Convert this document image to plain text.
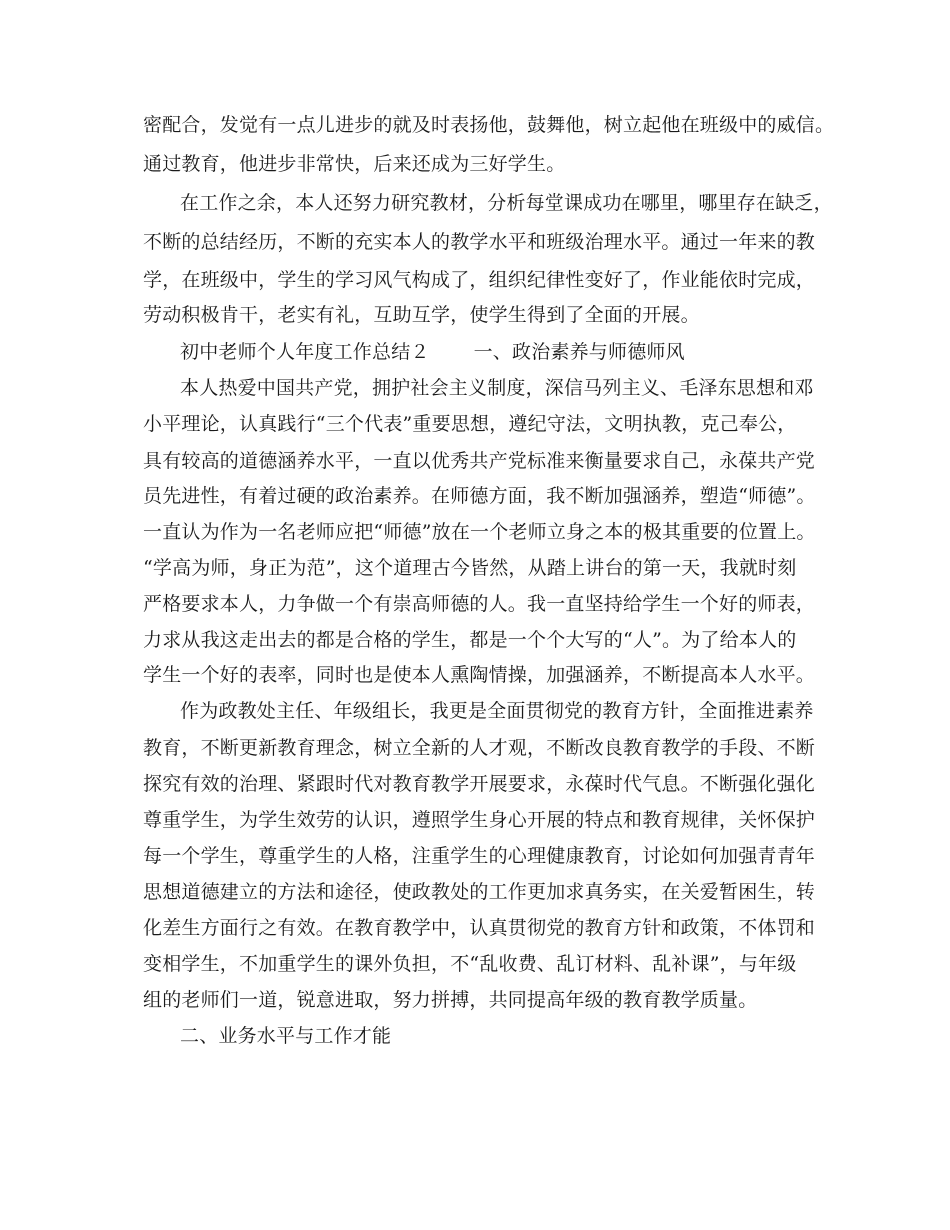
密配合，发觉有一点儿进步的就及时表扬他，鼓舞他，树立起他在班级中的威信。

通过教育，他进步非常快，后来还成为三好学生。

在工作之余，本人还努力研究教材，分析每堂课成功在哪里，哪里存在缺乏，

不断的总结经历，不断的充实本人的教学水平和班级治理水平。通过一年来的教

学，在班级中，学生的学习风气构成了，组织纪律性变好了，作业能依时完成，

劳动积极肯干，老实有礼，互助互学，使学生得到了全面的开展。

初中老师个人年度工作总结２ 一、政治素养与师德师风

本人热爱中国共产党，拥护社会主义制度，深信马列主义、毛泽东思想和邓

小平理论，认真践行“三个代表”重要思想，遵纪守法，文明执教，克己奉公，

具有较高的道德涵养水平，一直以优秀共产党标准来衡量要求自己，永葆共产党

员先进性，有着过硬的政治素养。在师德方面，我不断加强涵养，塑造“师德”。

一直认为作为一名老师应把“师德”放在一个老师立身之本的极其重要的位置上。

“学高为师，身正为范”，这个道理古今皆然，从踏上讲台的第一天，我就时刻

严格要求本人，力争做一个有崇高师德的人。我一直坚持给学生一个好的师表，

力求从我这走出去的都是合格的学生，都是一个个大写的“人”。为了给本人的

学生一个好的表率，同时也是使本人熏陶情操，加强涵养，不断提高本人水平。

作为政教处主任、年级组长，我更是全面贯彻党的教育方针，全面推进素养

教育，不断更新教育理念，树立全新的人才观，不断改良教育教学的手段、不断

探究有效的治理、紧跟时代对教育教学开展要求，永葆时代气息。不断强化强化

尊重学生，为学生效劳的认识，遵照学生身心开展的特点和教育规律，关怀保护

每一个学生，尊重学生的人格，注重学生的心理健康教育，讨论如何加强青青年

思想道德建立的方法和途径，使政教处的工作更加求真务实，在关爱暂困生，转

化差生方面行之有效。在教育教学中，认真贯彻党的教育方针和政策，不体罚和

变相学生，不加重学生的课外负担，不“乱收费、乱订材料、乱补课”，与年级

组的老师们一道，锐意进取，努力拼搏，共同提高年级的教育教学质量。

二、业务水平与工作才能
